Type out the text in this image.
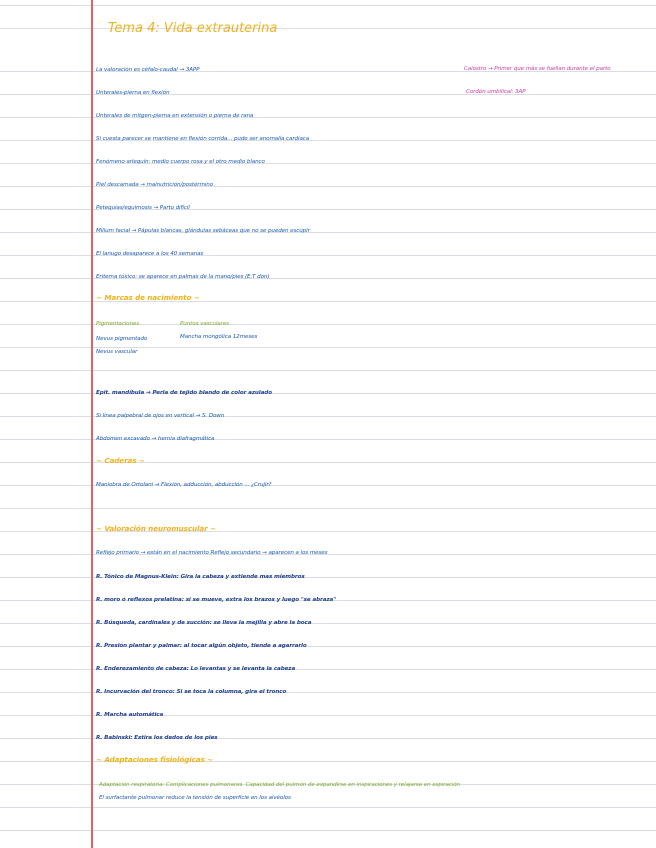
Tema 4: Vida extrauterina
Calostro → Primer que más se fuellan durante el parto
Cordón umbilical: 3AP
La valoración es céfalo-caudal → 3APP
Unterales-pierna en flexión
Unterales de mitgen-pierna en extensión o pierna de rana
Si cuesta parecer se mantiene en flexión corrida... pude ser anomalía cardíaca
Fenómeno arlequín: medio cuerpo rosa y el otro medio blanco
Piel descamada → malnutrición/postérmino
Petequias/equimosis → Parto difícil
Milium facial → Pápulas blancas, glándulas sebáceas que no se pueden escupir
El lanugo desaparece a los 40 semanas
Eritema tóxico: se aparece en palmas de la mano/pies (E.T don)
~ Marcas de nacimiento ~
Pigmentaciones
Nevus pigmentado
Nevus vascular
Puntos vasculares
Mancha mongólica 12meses
Epit. mandíbula → Perla de tejido blando de color azulado
Si línea palpebral de ojos en vertical → S. Down
Abdomen excavado → hernia diafragmática
~ Caderas ~
Maniobra de Ortolani → Flexión, adducción, abducción ... ¿Crujir?
~ Valoración neuromuscular ~
Reflejo primario → están en el nacimiento Reflejo secundario → aparecen a los meses
R. Tónico de Magnus-Klein: Gira la cabeza y extiende mas miembros
R. moro ó reflexos prelatina: si se mueve, extra los brazos y luego "se abraza"
R. Búsqueda, cardinales y de succión: se lleva la mejilla y abre la boca
R. Presión plantar y palmar: al tocar algún objeto, tiende a agarrarlo
R. Enderezamiento de cabeza: Lo levantas y se levanta la cabeza
R. Incurvación del tronco: Si se toca la columna, gira el tronco
R. Marcha automática
R. Babinski: Estira los dedos de los pies
~ Adaptaciones fisiológicas ~
Adaptación respiratoria: Complicaciones pulmonares. Capacidad del pulmón de expandirse en inspiraciones y relajarse en espiración
El surfactante pulmonar reduce la tensión de superficie en los alvéolos
